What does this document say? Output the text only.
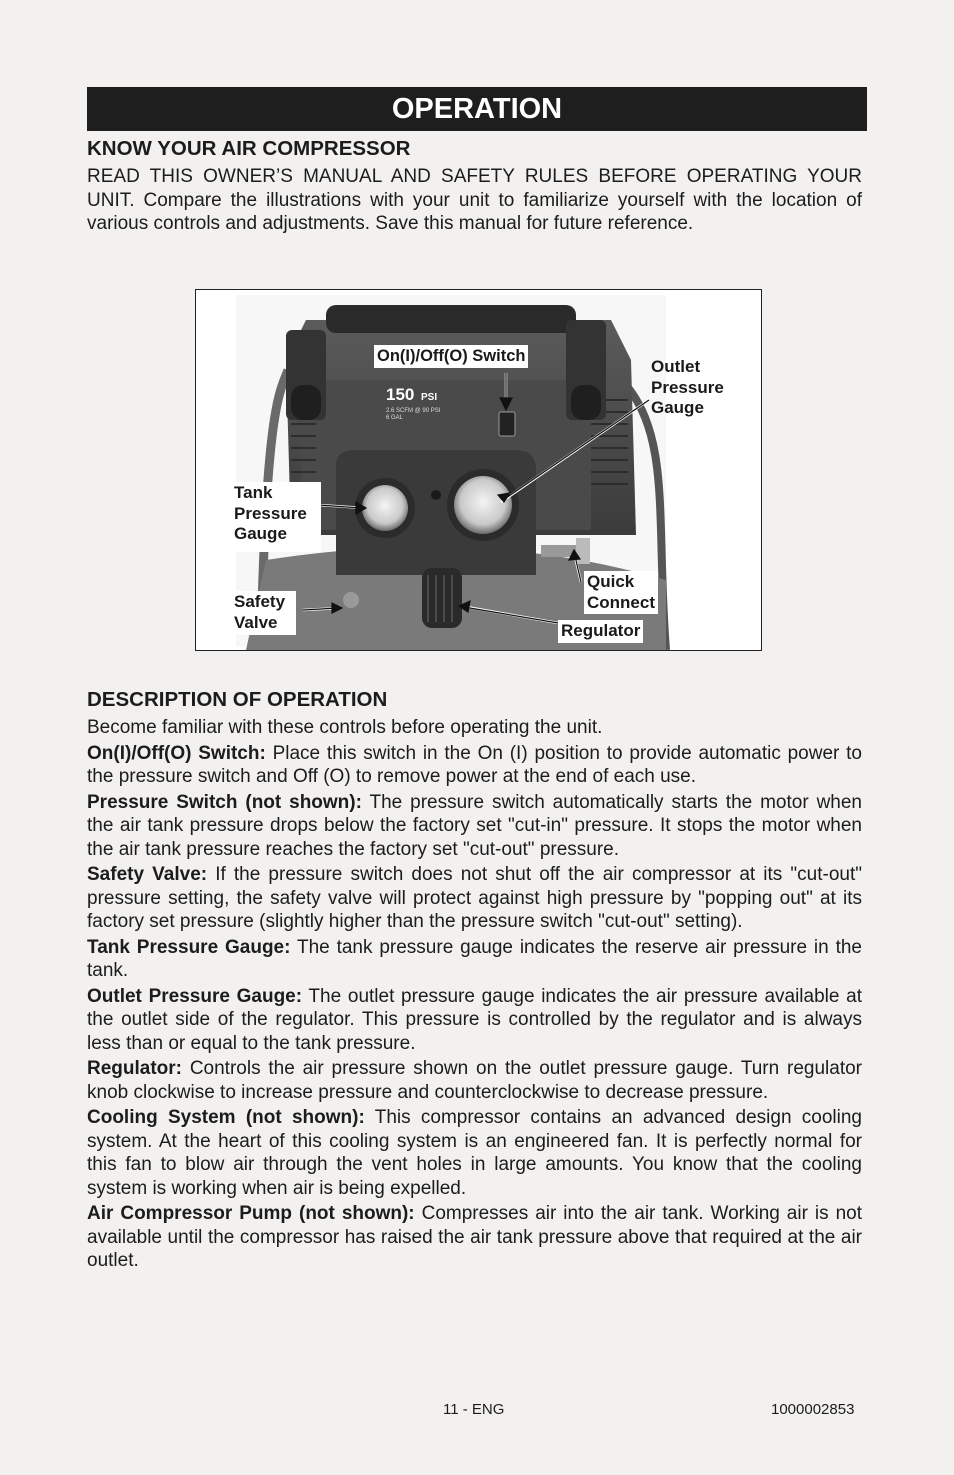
OPERATION
KNOW YOUR AIR COMPRESSOR
READ THIS OWNER’S MANUAL AND SAFETY RULES BEFORE OPERATING YOUR UNIT. Compare the illustrations with your unit to familiarize yourself with the location of various controls and adjustments. Save this manual for future reference.
150 PSI
2.6 SCFM @ 90 PSI
6 GAL
On(I)/Off(O) Switch
Outlet
Pressure
Gauge
Tank
Pressure
Gauge
Safety
Valve
Quick
Connect
Regulator
DESCRIPTION OF OPERATION

Become familiar with these controls before operating the unit.

On(I)/Off(O) Switch: Place this switch in the On (I) position to provide automatic power to the pressure switch and Off (O) to remove power at the end of each use.

Pressure Switch (not shown): The pressure switch automatically starts the motor when the air tank pressure drops below the factory set "cut-in" pressure. It stops the motor when the air tank pressure reaches the factory set "cut-out" pressure.

Safety Valve: If the pressure switch does not shut off the air compressor at its "cut-out" pressure setting, the safety valve will protect against high pressure by "popping out" at its factory set pressure (slightly higher than the pressure switch "cut-out" setting).

Tank Pressure Gauge: The tank pressure gauge indicates the reserve air pressure in the tank.

Outlet Pressure Gauge: The outlet pressure gauge indicates the air pressure available at the outlet side of the regulator. This pressure is controlled by the regulator and is always less than or equal to the tank pressure.

Regulator: Controls the air pressure shown on the outlet pressure gauge. Turn regulator knob clockwise to increase pressure and counterclockwise to decrease pressure.

Cooling System (not shown): This compressor contains an advanced design cooling system. At the heart of this cooling system is an engineered fan. It is perfectly normal for this fan to blow air through the vent holes in large amounts. You know that the cooling system is working when air is being expelled.

Air Compressor Pump (not shown): Compresses air into the air tank. Working air is not available until the compressor has raised the air tank pressure above that required at the air outlet.

11 - ENG	1000002853
